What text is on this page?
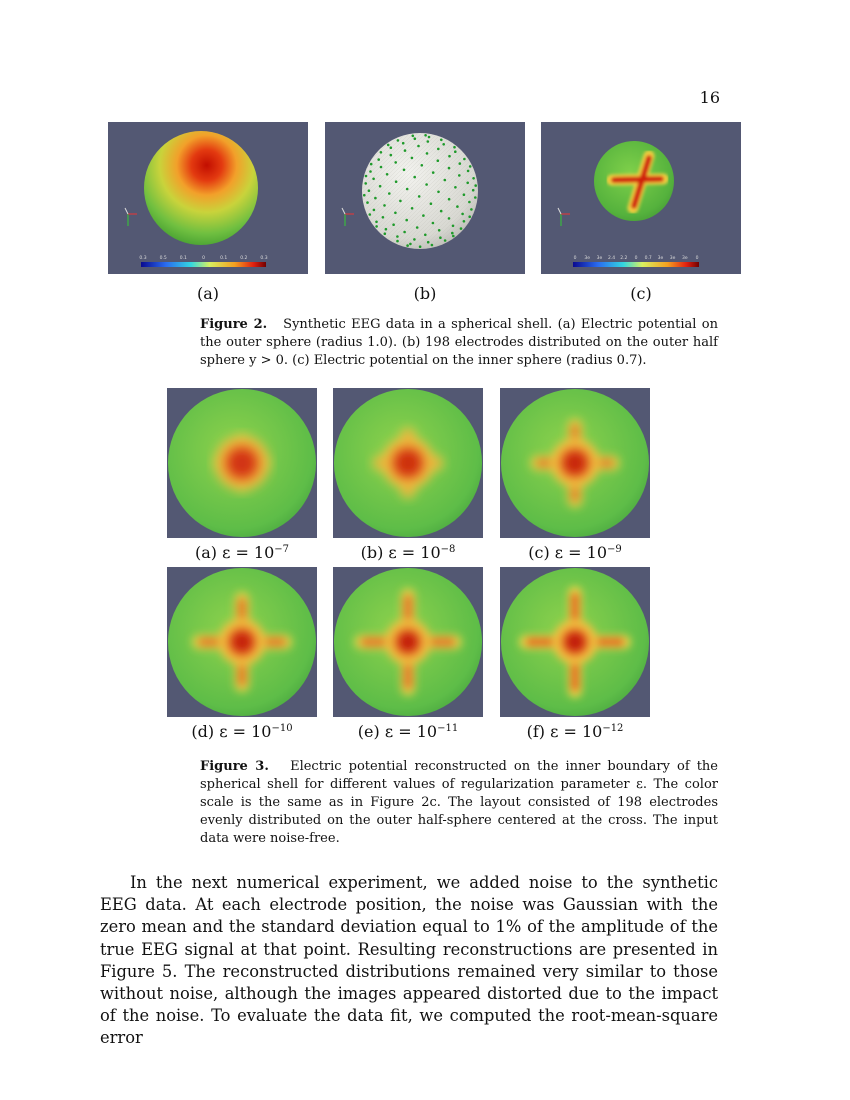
16
0.3	0.5	0.1	0	0.1	0.2	0.3	0 3e 3e 2.4 2.2 0 0.7 3e 3e 3e 0
(a)	(b)	(c)
Figure 2. Synthetic EEG data in a spherical shell. (a) Electric potential on the outer sphere (radius 1.0). (b) 198 electrodes distributed on the outer half sphere y > 0. (c) Electric potential on the inner sphere (radius 0.7).
(a) $\varepsilon = 10^{-7}$	(b) $\varepsilon = 10^{-8}$	(c) $\varepsilon = 10^{-9}$
(d) $\varepsilon = 10^{-10}$	(e) $\varepsilon = 10^{-11}$	(f) $\varepsilon = 10^{-12}$
Figure 3. Electric potential reconstructed on the inner boundary of the spherical shell for different values of regularization parameter ε. The color scale is the same as in Figure 2c. The layout consisted of 198 electrodes evenly distributed on the outer half-sphere centered at the cross. The input data were noise-free.
In the next numerical experiment, we added noise to the synthetic EEG data. At each electrode position, the noise was Gaussian with the zero mean and the standard deviation equal to 1% of the amplitude of the true EEG signal at that point. Resulting reconstructions are presented in Figure 5. The reconstructed distributions remained very similar to those without noise, although the images appeared distorted due to the impact of the noise. To evaluate the data fit, we computed the root-mean-square error
